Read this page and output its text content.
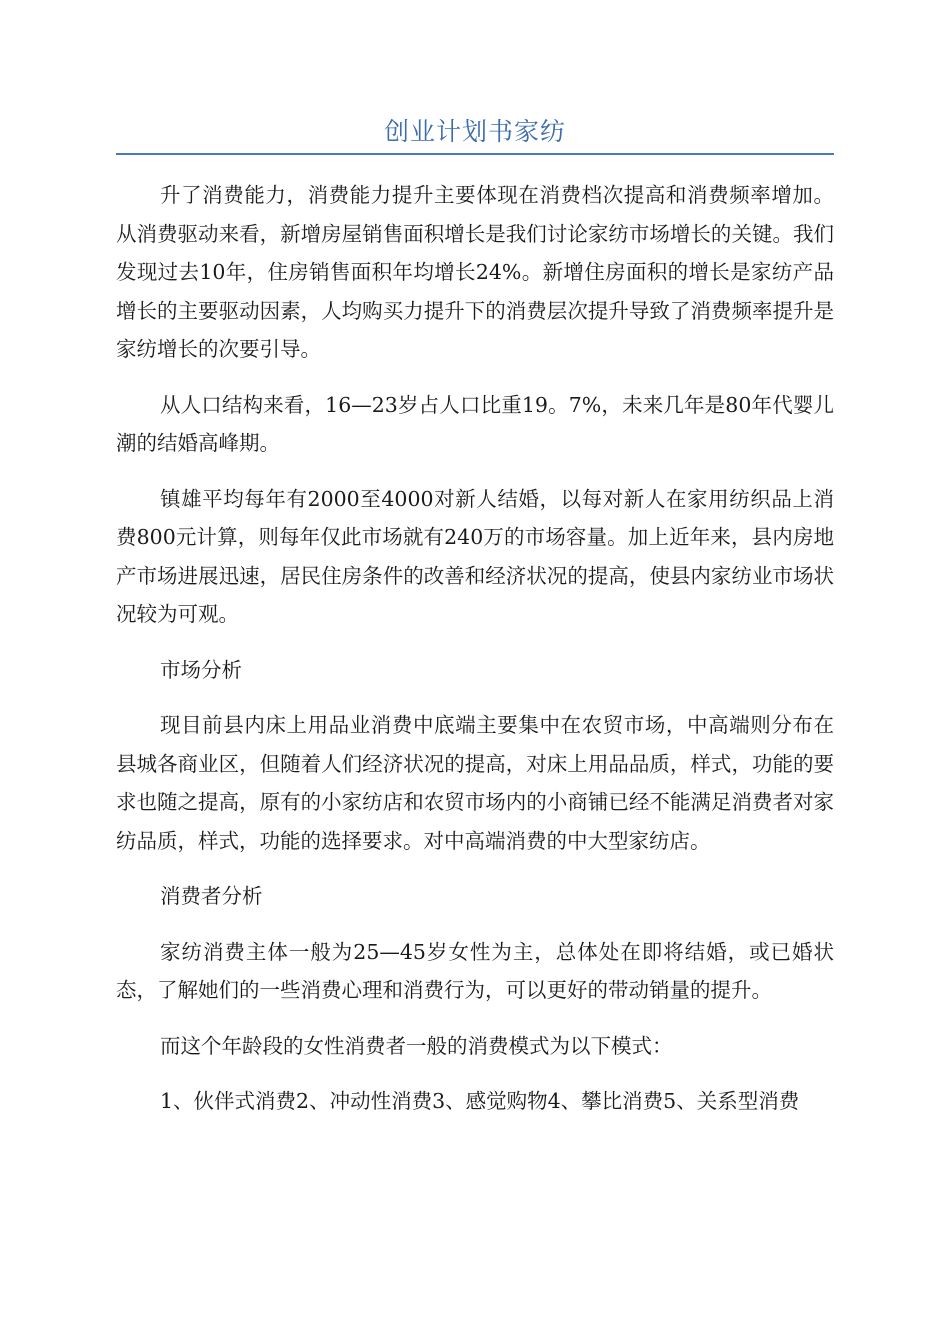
创业计划书家纺

升了消费能力，消费能力提升主要体现在消费档次提高和消费频率增加。从消费驱动来看，新增房屋销售面积增长是我们讨论家纺市场增长的关键。我们发现过去10年，住房销售面积年均增长24%。新增住房面积的增长是家纺产品增长的主要驱动因素，人均购买力提升下的消费层次提升导致了消费频率提升是家纺增长的次要引导。

从人口结构来看，16—23岁占人口比重19。7%，未来几年是80年代婴儿潮的结婚高峰期。

镇雄平均每年有2000至4000对新人结婚，以每对新人在家用纺织品上消费800元计算，则每年仅此市场就有240万的市场容量。加上近年来，县内房地产市场进展迅速，居民住房条件的改善和经济状况的提高，使县内家纺业市场状况较为可观。

市场分析

现目前县内床上用品业消费中底端主要集中在农贸市场，中高端则分布在县城各商业区，但随着人们经济状况的提高，对床上用品品质，样式，功能的要求也随之提高，原有的小家纺店和农贸市场内的小商铺已经不能满足消费者对家纺品质，样式，功能的选择要求。对中高端消费的中大型家纺店。

消费者分析

家纺消费主体一般为25—45岁女性为主，总体处在即将结婚，或已婚状态，了解她们的一些消费心理和消费行为，可以更好的带动销量的提升。

而这个年龄段的女性消费者一般的消费模式为以下模式：

1、伙伴式消费2、冲动性消费3、感觉购物4、攀比消费5、关系型消费
